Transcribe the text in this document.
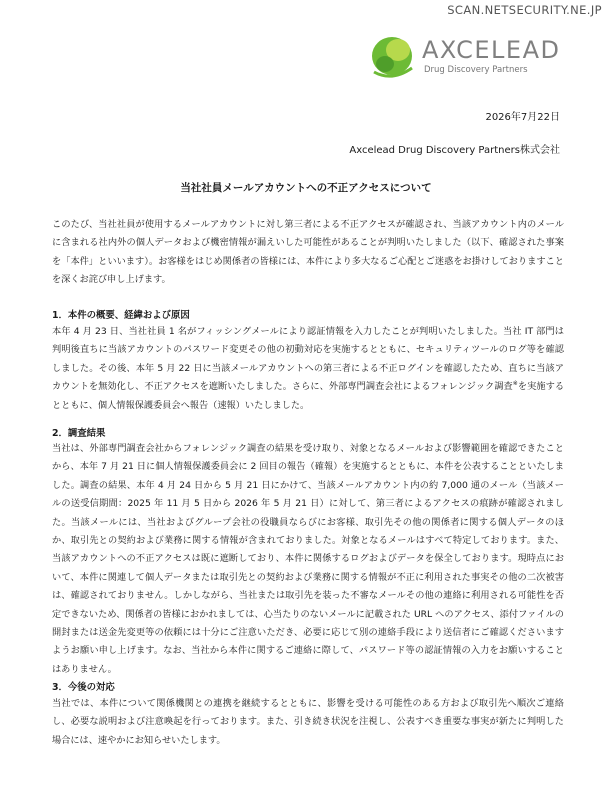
SCAN.NETSECURITY.NE.JP
AXCELEAD
Drug Discovery Partners
2026年7月22日
Axcelead Drug Discovery Partners株式会社
当社社員メールアカウントへの不正アクセスについて
このたび、当社社員が使用するメールアカウントに対し第三者による不正アクセスが確認され、当該アカウント内のメールに含まれる社内外の個人データおよび機密情報が漏えいした可能性があることが判明いたしました（以下、確認された事案を「本件」といいます）。お客様をはじめ関係者の皆様には、本件により多大なるご心配とご迷惑をお掛けしておりますことを深くお詫び申し上げます。
1．本件の概要、経緯および原因
本年 4 月 23 日、当社社員 1 名がフィッシングメールにより認証情報を入力したことが判明いたしました。当社 IT 部門は判明後直ちに当該アカウントのパスワード変更その他の初動対応を実施するとともに、セキュリティツールのログ等を確認しました。その後、本年 5 月 22 日に当該メールアカウントへの第三者による不正ログインを確認したため、直ちに当該アカウントを無効化し、不正アクセスを遮断いたしました。さらに、外部専門調査会社によるフォレンジック調査※を実施するとともに、個人情報保護委員会へ報告（速報）いたしました。
2．調査結果
当社は、外部専門調査会社からフォレンジック調査の結果を受け取り、対象となるメールおよび影響範囲を確認できたことから、本年 7 月 21 日に個人情報保護委員会に 2 回目の報告（確報）を実施するとともに、本件を公表することといたしました。調査の結果、本年 4 月 24 日から 5 月 21 日にかけて、当該メールアカウント内の約 7,000 通のメール（当該メールの送受信期間：2025 年 11 月 5 日から 2026 年 5 月 21 日）に対して、第三者によるアクセスの痕跡が確認されました。当該メールには、当社およびグループ会社の役職員ならびにお客様、取引先その他の関係者に関する個人データのほか、取引先との契約および業務に関する情報が含まれておりました。対象となるメールはすべて特定しております。また、当該アカウントへの不正アクセスは既に遮断しており、本件に関係するログおよびデータを保全しております。現時点において、本件に関連して個人データまたは取引先との契約および業務に関する情報が不正に利用された事実その他の二次被害は、確認されておりません。しかしながら、当社または取引先を装った不審なメールその他の連絡に利用される可能性を否定できないため、関係者の皆様におかれましては、心当たりのないメールに記載された URL へのアクセス、添付ファイルの開封または送金先変更等の依頼には十分にご注意いただき、必要に応じて別の連絡手段により送信者にご確認くださいますようお願い申し上げます。なお、当社から本件に関するご連絡に際して、パスワード等の認証情報の入力をお願いすることはありません。
3．今後の対応
当社では、本件について関係機関との連携を継続するとともに、影響を受ける可能性のある方および取引先へ順次ご連絡し、必要な説明および注意喚起を行っております。また、引き続き状況を注視し、公表すべき重要な事実が新たに判明した場合には、速やかにお知らせいたします。
